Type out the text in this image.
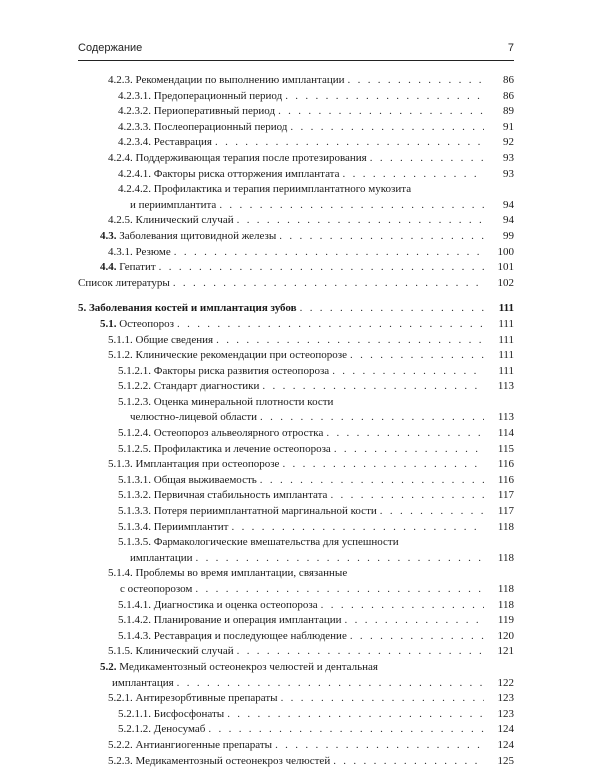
Содержание	7
4.2.3. Рекомендации по выполнению имплантации . .	86
4.2.3.1. Предоперационный период . .	86
4.2.3.2. Периоперативный период . .	89
4.2.3.3. Послеоперационный период . .	91
4.2.3.4. Реставрация . .	92
4.2.4. Поддерживающая терапия после протезирования . .	93
4.2.4.1. Факторы риска отторжения имплантата . .	93
4.2.4.2. Профилактика и терапия периимплантатного мукозита
и периимплантита . .	94
4.2.5. Клинический случай . .	94
4.3. Заболевания щитовидной железы . .	99
4.3.1. Резюме . .	100
4.4. Гепатит . .	101
Список литературы . .	102
5. Заболевания костей и имплантация зубов . .	111
5.1. Остеопороз . .	111
5.1.1. Общие сведения . .	111
5.1.2. Клинические рекомендации при остеопорозе . .	111
5.1.2.1. Факторы риска развития остеопороза . .	111
5.1.2.2. Стандарт диагностики . .	113
5.1.2.3. Оценка минеральной плотности кости
челюстно-лицевой области . .	113
5.1.2.4. Остеопороз альвеолярного отростка . .	114
5.1.2.5. Профилактика и лечение остеопороза . .	115
5.1.3. Имплантация при остеопорозе . .	116
5.1.3.1. Общая выживаемость . .	116
5.1.3.2. Первичная стабильность имплантата . .	117
5.1.3.3. Потеря периимплантатной маргинальной кости . .	117
5.1.3.4. Периимплантит . .	118
5.1.3.5. Фармакологические вмешательства для успешности
имплантации . .	118
5.1.4. Проблемы во время имплантации, связанные
с остеопорозом . .	118
5.1.4.1. Диагностика и оценка остеопороза . .	118
5.1.4.2. Планирование и операция имплантации . .	119
5.1.4.3. Реставрация и последующее наблюдение . .	120
5.1.5. Клинический случай . .	121
5.2. Медикаментозный остеонекроз челюстей и дентальная
имплантация . .	122
5.2.1. Антирезорбтивные препараты . .	123
5.2.1.1. Бисфосфонаты . .	123
5.2.1.2. Деносумаб . .	124
5.2.2. Антиангиогенные препараты . .	124
5.2.3. Медикаментозный остеонекроз челюстей . .	125
